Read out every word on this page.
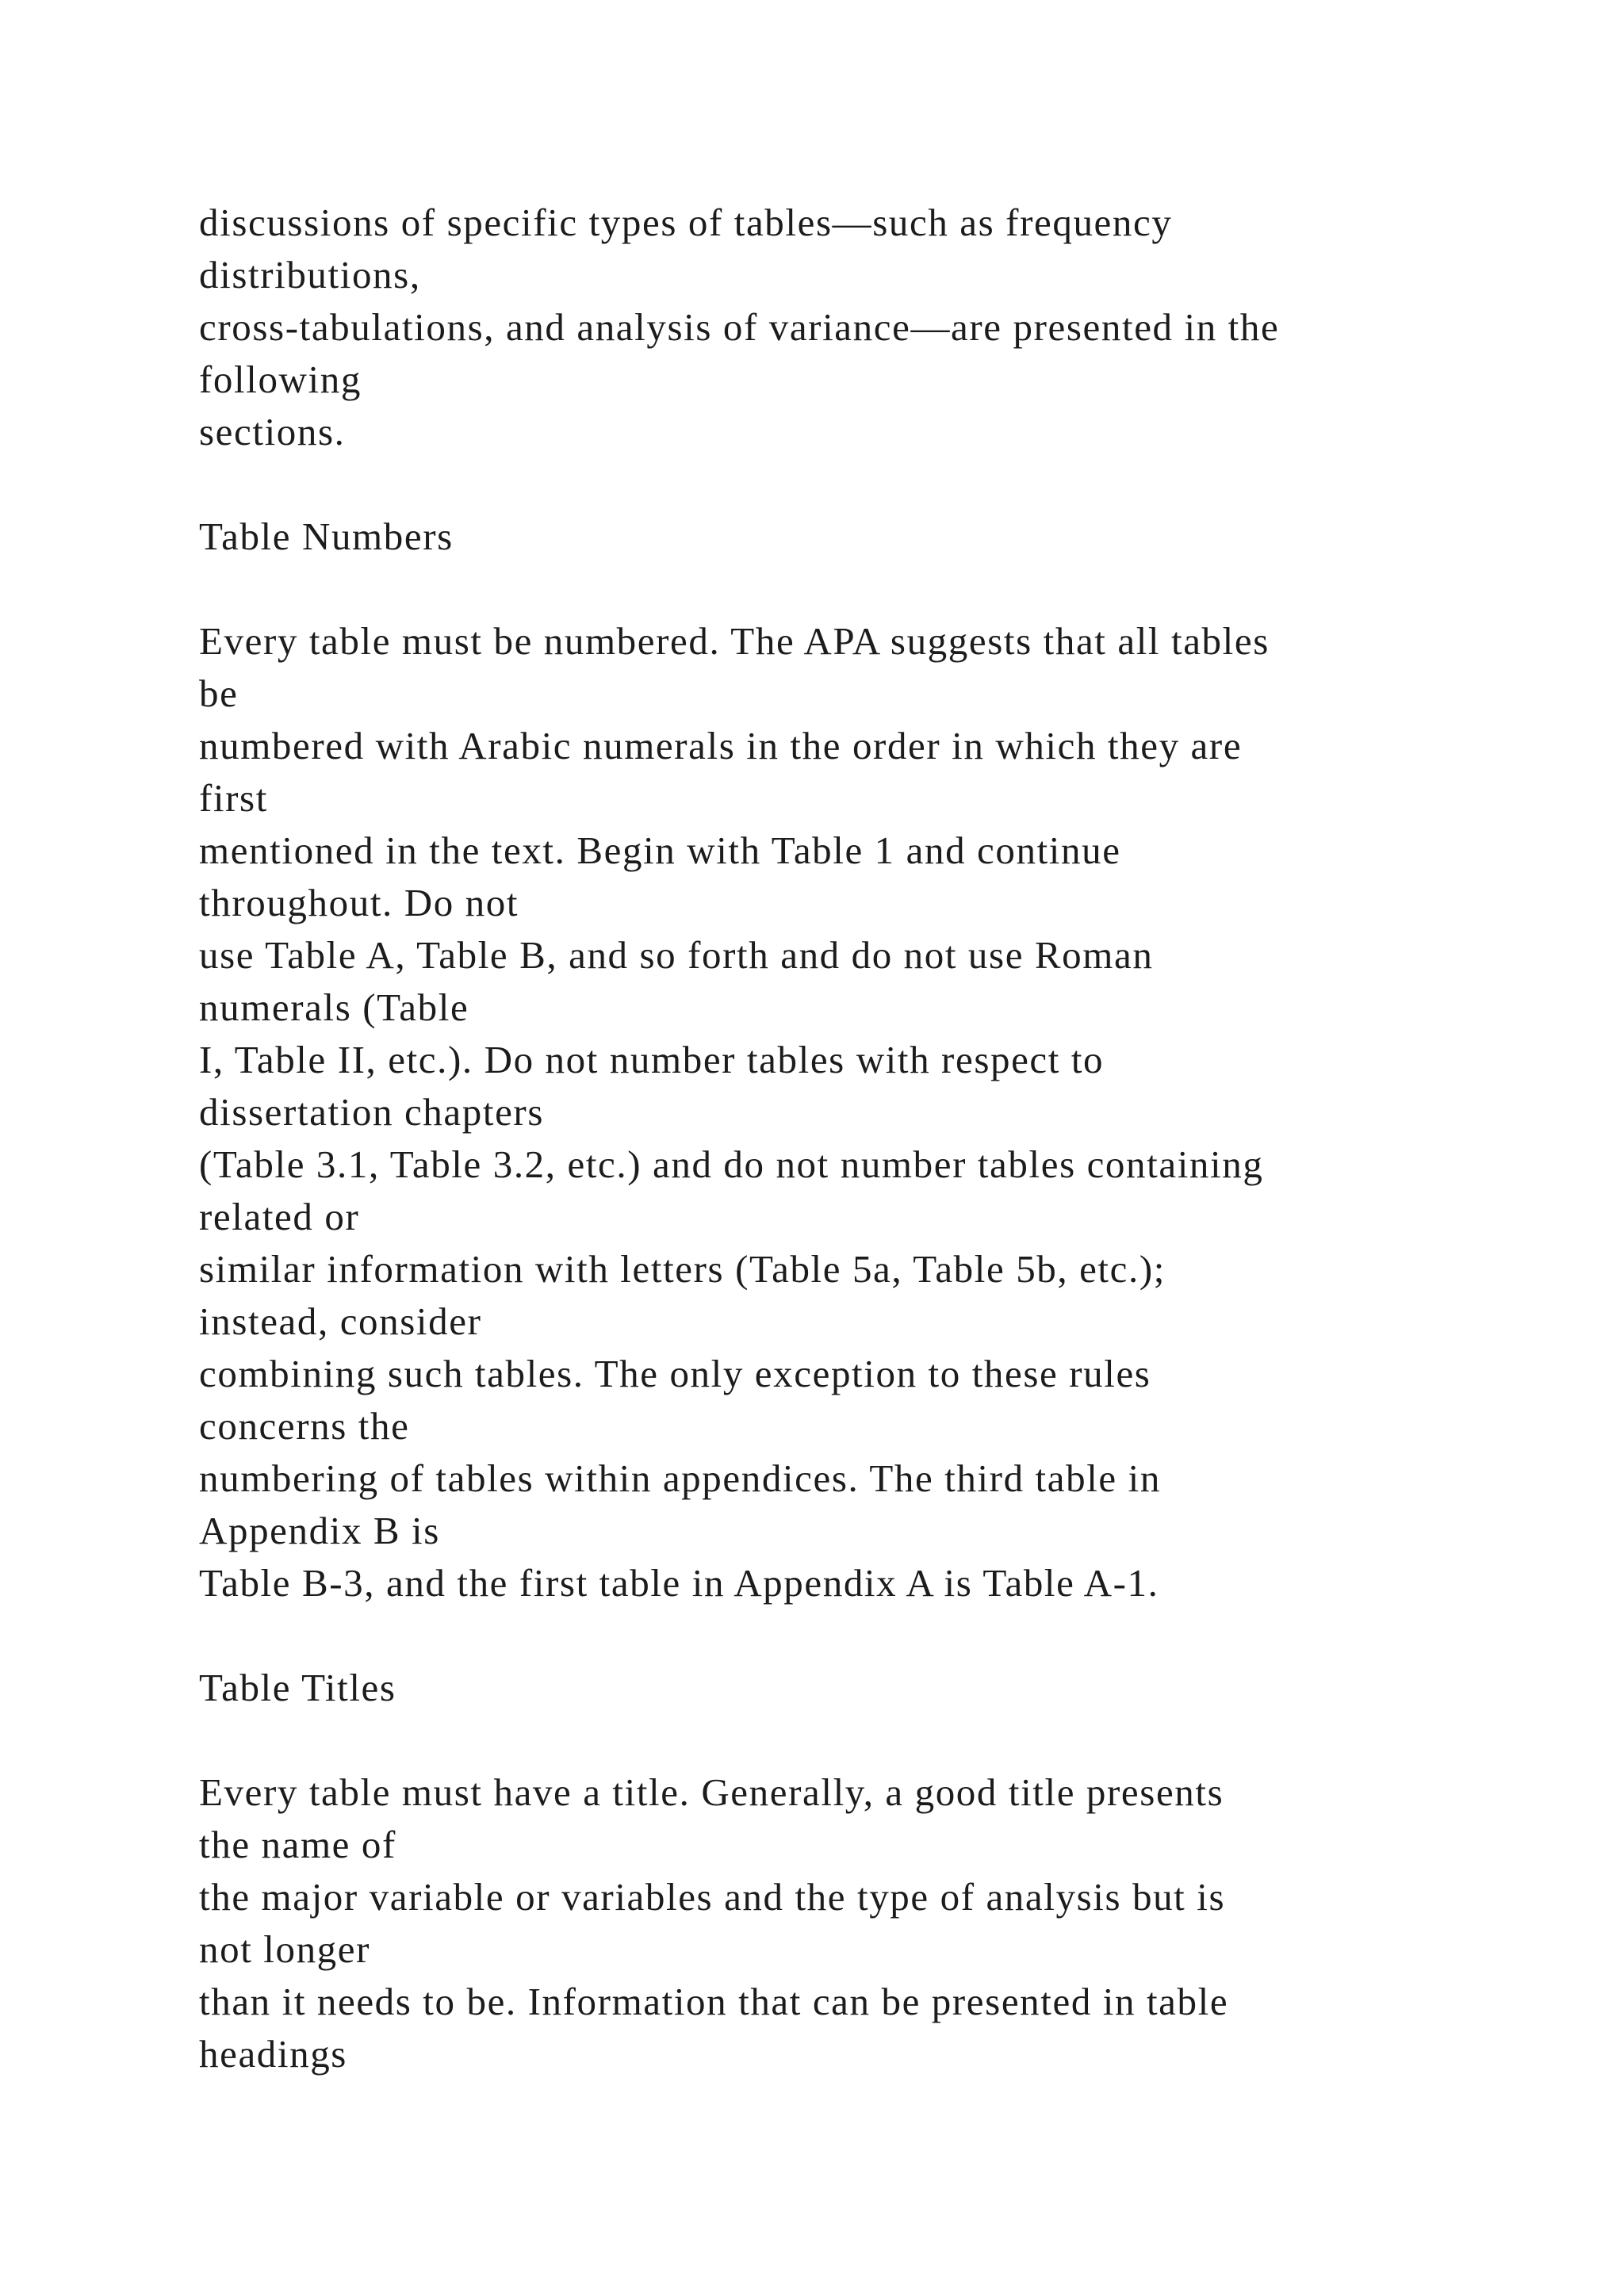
discussions of specific types of tables—such as frequency
distributions,
cross-tabulations, and analysis of variance—are presented in the
following
sections.
Table Numbers
Every table must be numbered. The APA suggests that all tables
be
numbered with Arabic numerals in the order in which they are
first
mentioned in the text. Begin with Table 1 and continue
throughout. Do not
use Table A, Table B, and so forth and do not use Roman
numerals (Table
I, Table II, etc.). Do not number tables with respect to
dissertation chapters
(Table 3.1, Table 3.2, etc.) and do not number tables containing
related or
similar information with letters (Table 5a, Table 5b, etc.);
instead, consider
combining such tables. The only exception to these rules
concerns the
numbering of tables within appendices. The third table in
Appendix B is
Table B-3, and the first table in Appendix A is Table A-1.
Table Titles
Every table must have a title. Generally, a good title presents
the name of
the major variable or variables and the type of analysis but is
not longer
than it needs to be. Information that can be presented in table
headings
